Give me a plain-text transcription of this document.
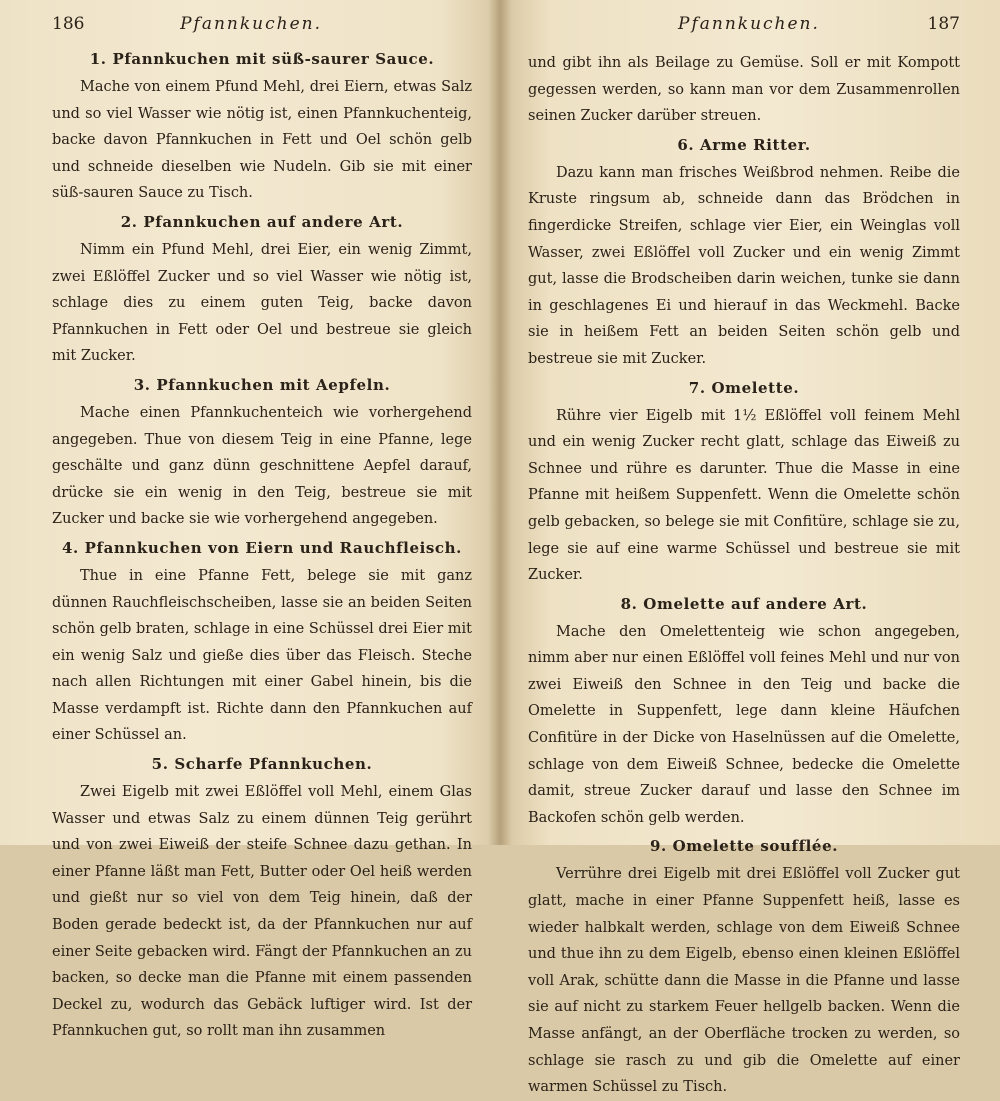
186	Pfannkuchen.
1. Pfannkuchen mit süß-saurer Sauce.

Mache von einem Pfund Mehl, drei Eiern, etwas Salz und so viel Wasser wie nötig ist, einen Pfannkuchenteig, backe davon Pfannkuchen in Fett und Oel schön gelb und schneide dieselben wie Nudeln. Gib sie mit einer süß-sauren Sauce zu Tisch.

2. Pfannkuchen auf andere Art.

Nimm ein Pfund Mehl, drei Eier, ein wenig Zimmt, zwei Eßlöffel Zucker und so viel Wasser wie nötig ist, schlage dies zu einem guten Teig, backe davon Pfannkuchen in Fett oder Oel und bestreue sie gleich mit Zucker.

3. Pfannkuchen mit Aepfeln.

Mache einen Pfannkuchenteich wie vorhergehend angegeben. Thue von diesem Teig in eine Pfanne, lege geschälte und ganz dünn geschnittene Aepfel darauf, drücke sie ein wenig in den Teig, bestreue sie mit Zucker und backe sie wie vorhergehend angegeben.

4. Pfannkuchen von Eiern und Rauchfleisch.

Thue in eine Pfanne Fett, belege sie mit ganz dünnen Rauchfleischscheiben, lasse sie an beiden Seiten schön gelb braten, schlage in eine Schüssel drei Eier mit ein wenig Salz und gieße dies über das Fleisch. Steche nach allen Richtungen mit einer Gabel hinein, bis die Masse verdampft ist. Richte dann den Pfannkuchen auf einer Schüssel an.

5. Scharfe Pfannkuchen.

Zwei Eigelb mit zwei Eßlöffel voll Mehl, einem Glas Wasser und etwas Salz zu einem dünnen Teig gerührt und von zwei Eiweiß der steife Schnee dazu gethan. In einer Pfanne läßt man Fett, Butter oder Oel heiß werden und gießt nur so viel von dem Teig hinein, daß der Boden gerade bedeckt ist, da der Pfannkuchen nur auf einer Seite gebacken wird. Fängt der Pfannkuchen an zu backen, so decke man die Pfanne mit einem passenden Deckel zu, wodurch das Gebäck luftiger wird. Ist der Pfannkuchen gut, so rollt man ihn zusammen

Pfannkuchen.	187

und gibt ihn als Beilage zu Gemüse. Soll er mit Kompott gegessen werden, so kann man vor dem Zusammenrollen seinen Zucker darüber streuen.

6. Arme Ritter.

Dazu kann man frisches Weißbrod nehmen. Reibe die Kruste ringsum ab, schneide dann das Brödchen in fingerdicke Streifen, schlage vier Eier, ein Weinglas voll Wasser, zwei Eßlöffel voll Zucker und ein wenig Zimmt gut, lasse die Brodscheiben darin weichen, tunke sie dann in geschlagenes Ei und hierauf in das Weckmehl. Backe sie in heißem Fett an beiden Seiten schön gelb und bestreue sie mit Zucker.

7. Omelette.

Rühre vier Eigelb mit 1½ Eßlöffel voll feinem Mehl und ein wenig Zucker recht glatt, schlage das Eiweiß zu Schnee und rühre es darunter. Thue die Masse in eine Pfanne mit heißem Suppenfett. Wenn die Omelette schön gelb gebacken, so belege sie mit Confitüre, schlage sie zu, lege sie auf eine warme Schüssel und bestreue sie mit Zucker.

8. Omelette auf andere Art.

Mache den Omelettenteig wie schon angegeben, nimm aber nur einen Eßlöffel voll feines Mehl und nur von zwei Eiweiß den Schnee in den Teig und backe die Omelette in Suppenfett, lege dann kleine Häufchen Confitüre in der Dicke von Haselnüssen auf die Omelette, schlage von dem Eiweiß Schnee, bedecke die Omelette damit, streue Zucker darauf und lasse den Schnee im Backofen schön gelb werden.

9. Omelette soufflée.

Verrühre drei Eigelb mit drei Eßlöffel voll Zucker gut glatt, mache in einer Pfanne Suppenfett heiß, lasse es wieder halbkalt werden, schlage von dem Eiweiß Schnee und thue ihn zu dem Eigelb, ebenso einen kleinen Eßlöffel voll Arak, schütte dann die Masse in die Pfanne und lasse sie auf nicht zu starkem Feuer hellgelb backen. Wenn die Masse anfängt, an der Oberfläche trocken zu werden, so schlage sie rasch zu und gib die Omelette auf einer warmen Schüssel zu Tisch.
